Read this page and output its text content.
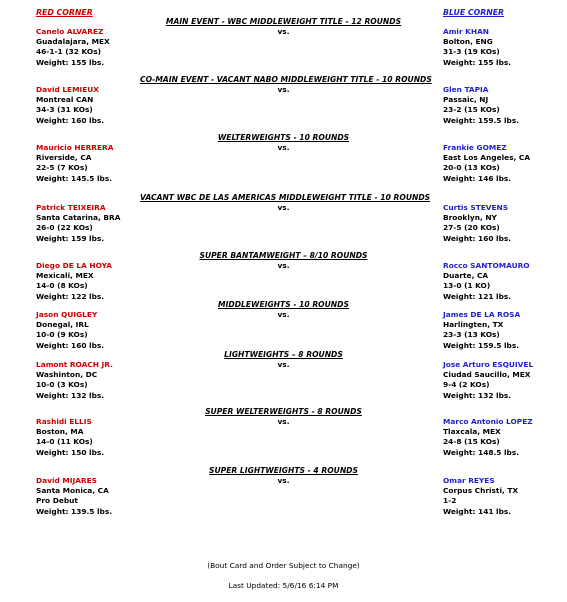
RED CORNER	BLUE CORNER
MAIN EVENT - WBC MIDDLEWEIGHT TITLE - 12 ROUNDS
vs.
Canelo ALVAREZ
Guadalajara, MEX
46-1-1 (32 KOs)
Weight: 155 lbs.
Amir KHAN
Bolton, ENG
31-3 (19 KOs)
Weight: 155 lbs.
CO-MAIN EVENT - VACANT NABO MIDDLEWEIGHT TITLE - 10 ROUNDS
vs.
David LEMIEUX
Montreal CAN
34-3 (31 KOs)
Weight: 160 lbs.
Glen TAPIA
Passaic, NJ
23-2 (15 KOs)
Weight: 159.5 lbs.
WELTERWEIGHTS - 10 ROUNDS
vs.
Mauricio HERRERA
Riverside, CA
22-5 (7 KOs)
Weight: 145.5 lbs.
Frankie GOMEZ
East Los Angeles, CA
20-0 (13 KOs)
Weight: 146 lbs.
VACANT WBC DE LAS AMERICAS MIDDLEWEIGHT TITLE - 10 ROUNDS
vs.
Patrick TEIXEIRA
Santa Catarina, BRA
26-0 (22 KOs)
Weight: 159 lbs.
Curtis STEVENS
Brooklyn, NY
27-5 (20 KOs)
Weight: 160 lbs.
SUPER BANTAMWEIGHT – 8/10 ROUNDS
vs.
Diego DE LA HOYA
Mexicali, MEX
14-0 (8 KOs)
Weight: 122 lbs.
Rocco SANTOMAURO
Duarte, CA
13-0 (1 KO)
Weight: 121 lbs.
MIDDLEWEIGHTS - 10 ROUNDS
vs.
Jason QUIGLEY
Donegal, IRL
10-0 (9 KOs)
Weight: 160 lbs.
James DE LA ROSA
Harlingten, TX
23-3 (13 KOs)
Weight: 159.5 lbs.
LIGHTWEIGHTS – 8 ROUNDS
vs.
Lamont ROACH JR.
Washinton, DC
10-0 (3 KOs)
Weight: 132 lbs.
Jose Arturo ESQUIVEL
Ciudad Saucillo, MEX
9-4 (2 KOs)
Weight: 132 lbs.
SUPER WELTERWEIGHTS - 8 ROUNDS
vs.
Rashidi ELLIS
Boston, MA
14-0 (11 KOs)
Weight: 150 lbs.
Marco Antonio LOPEZ
Tlaxcala, MEX
24-8 (15 KOs)
Weight: 148.5 lbs.
SUPER LIGHTWEIGHTS - 4 ROUNDS
vs.
David MIJARES
Santa Monica, CA
Pro Debut
Weight: 139.5 lbs.
Omar REYES
Corpus Christi, TX
1-2
Weight: 141 lbs.
(Bout Card and Order Subject to Change)
Last Updated: 5/6/16 6:14 PM
